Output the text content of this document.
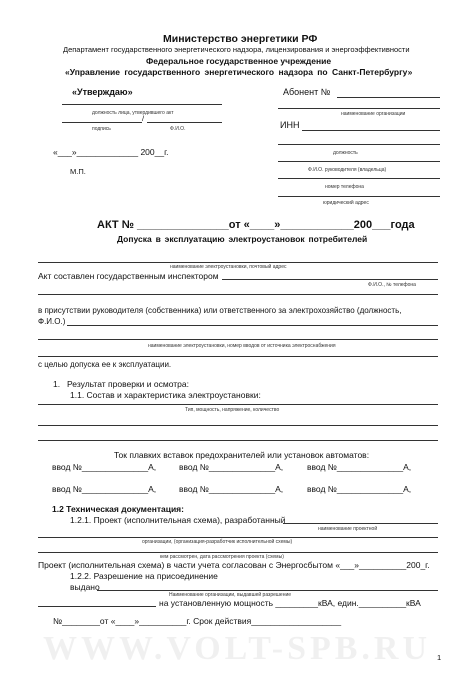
WWW.VOLT-SPB.RU
Министерство энергетики РФ
Департамент государственного энергетического надзора, лицензирования и энергоэффективности
Федеральное государственное учреждение
«Управление государственного энергетического надзора по Санкт-Петербургу»
«Утверждаю»
должность лица, утвердившего акт
/
подпись	Ф.И.О.
«___»_____________ 200__г.
М.П.
Абонент №
наименование организации
ИНН
должность
Ф.И.О. руководителя (владельца)
номер телефона
юридический адрес
АКТ № _______________от «____»____________200___года
Допуска в эксплуатацию электроустановок потребителей
наименование электроустановки, почтовый адрес
Акт составлен государственным инспектором
Ф.И.О., № телефона
в присутствии руководителя (собственника) или ответственного за электрохозяйство (должность,
Ф.И.О.)
наименование электроустановки, номер вводов от источника электроснабжения
с целью допуска ее к эксплуатации.
1. Результат проверки и осмотра:
1.1. Состав и характеристика электроустановки:
Тип, мощность, напряжение, количество
Ток плавких вставок предохранителей или установок автоматов:
ввод №______________А,	ввод №______________А,	ввод №______________А,
ввод №______________А,	ввод №______________А,	ввод №______________А,
1.2 Техническая документация:
1.2.1. Проект (исполнительная схема), разработанный
наименование проектной
организации, (организация-разработчик исполнительной схемы)
кем рассмотрен, дата рассмотрения проекта (схемы)
Проект (исполнительная схема) в части учета согласован с Энергосбытом «___»__________200_г.
1.2.2. Разрешение на присоединение
выдано
Наименование организации, выдавшей разрешение
на установленную мощность _________кВА, един.__________кВА
№________от «____»__________г. Срок действия___________________
1
